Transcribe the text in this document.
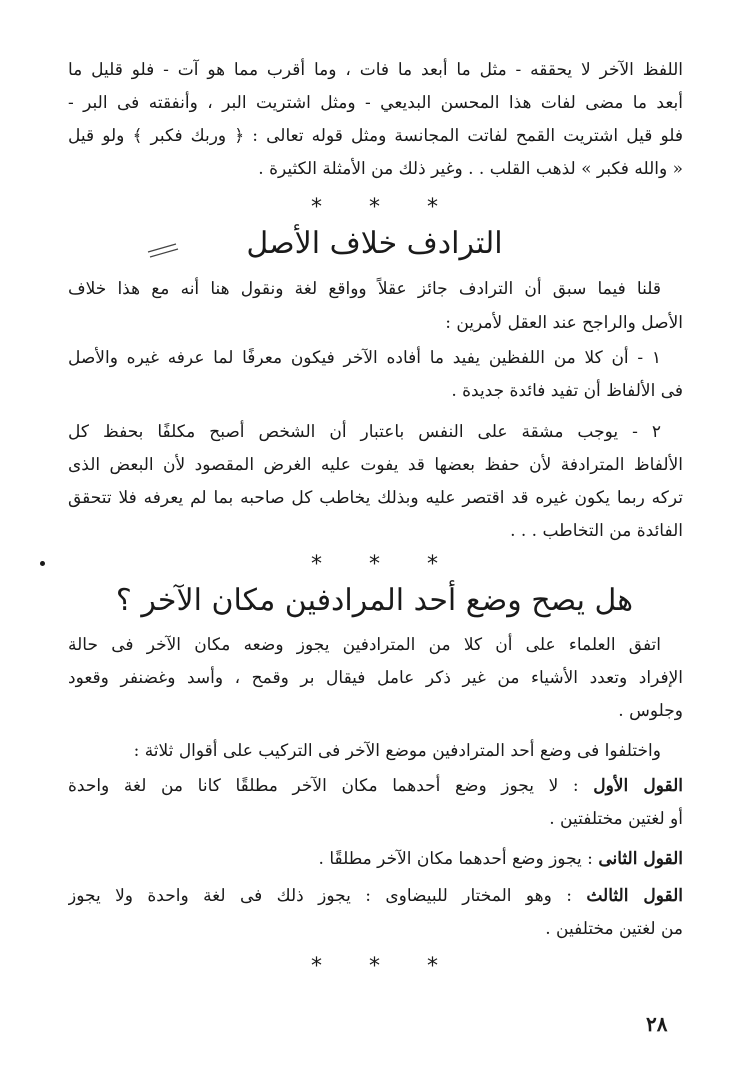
اللفظ الآخر لا يحققه - مثل ما أبعد ما فات ، وما أقرب مما هو آت - فلو قليل ما
أبعد ما مضى لفات هذا المحسن البديعي - ومثل اشتريت البر ، وأنفقته فى البر -
فلو قيل اشتريت القمح لفاتت المجانسة ومثل قوله تعالى : ﴿ وربك فكبر ﴾ ولو قيل
« والله فكبر » لذهب القلب . . وغير ذلك من الأمثلة الكثيرة .
* * *
الترادف خلاف الأصل
قلنا فيما سبق أن الترادف جائز عقلاً وواقع لغة ونقول هنا أنه مع هذا خلاف
الأصل والراجح عند العقل لأمرين :
١ - أن كلا من اللفظين يفيد ما أفاده الآخر فيكون معرفًا لما عرفه غيره والأصل
فى الألفاظ أن تفيد فائدة جديدة .
٢ - يوجب مشقة على النفس باعتبار أن الشخص أصبح مكلفًا بحفظ كل
الألفاظ المترادفة لأن حفظ بعضها قد يفوت عليه الغرض المقصود لأن البعض الذى
تركه ربما يكون غيره قد اقتصر عليه وبذلك يخاطب كل صاحبه بما لم يعرفه فلا تتحقق
الفائدة من التخاطب . . .
* * *
هل يصح وضع أحد المرادفين مكان الآخر ؟
اتفق العلماء على أن كلا من المترادفين يجوز وضعه مكان الآخر فى حالة
الإفراد وتعدد الأشياء من غير ذكر عامل فيقال بر وقمح ، وأسد وغضنفر وقعود
وجلوس .
واختلفوا فى وضع أحد المترادفين موضع الآخر فى التركيب على أقوال ثلاثة :
القول الأول : لا يجوز وضع أحدهما مكان الآخر مطلقًا كانا من لغة واحدة
أو لغتين مختلفتين .
القول الثانى : يجوز وضع أحدهما مكان الآخر مطلقًا .
القول الثالث : وهو المختار للبيضاوى : يجوز ذلك فى لغة واحدة ولا يجوز
من لغتين مختلفين .
* * *
٢٨
